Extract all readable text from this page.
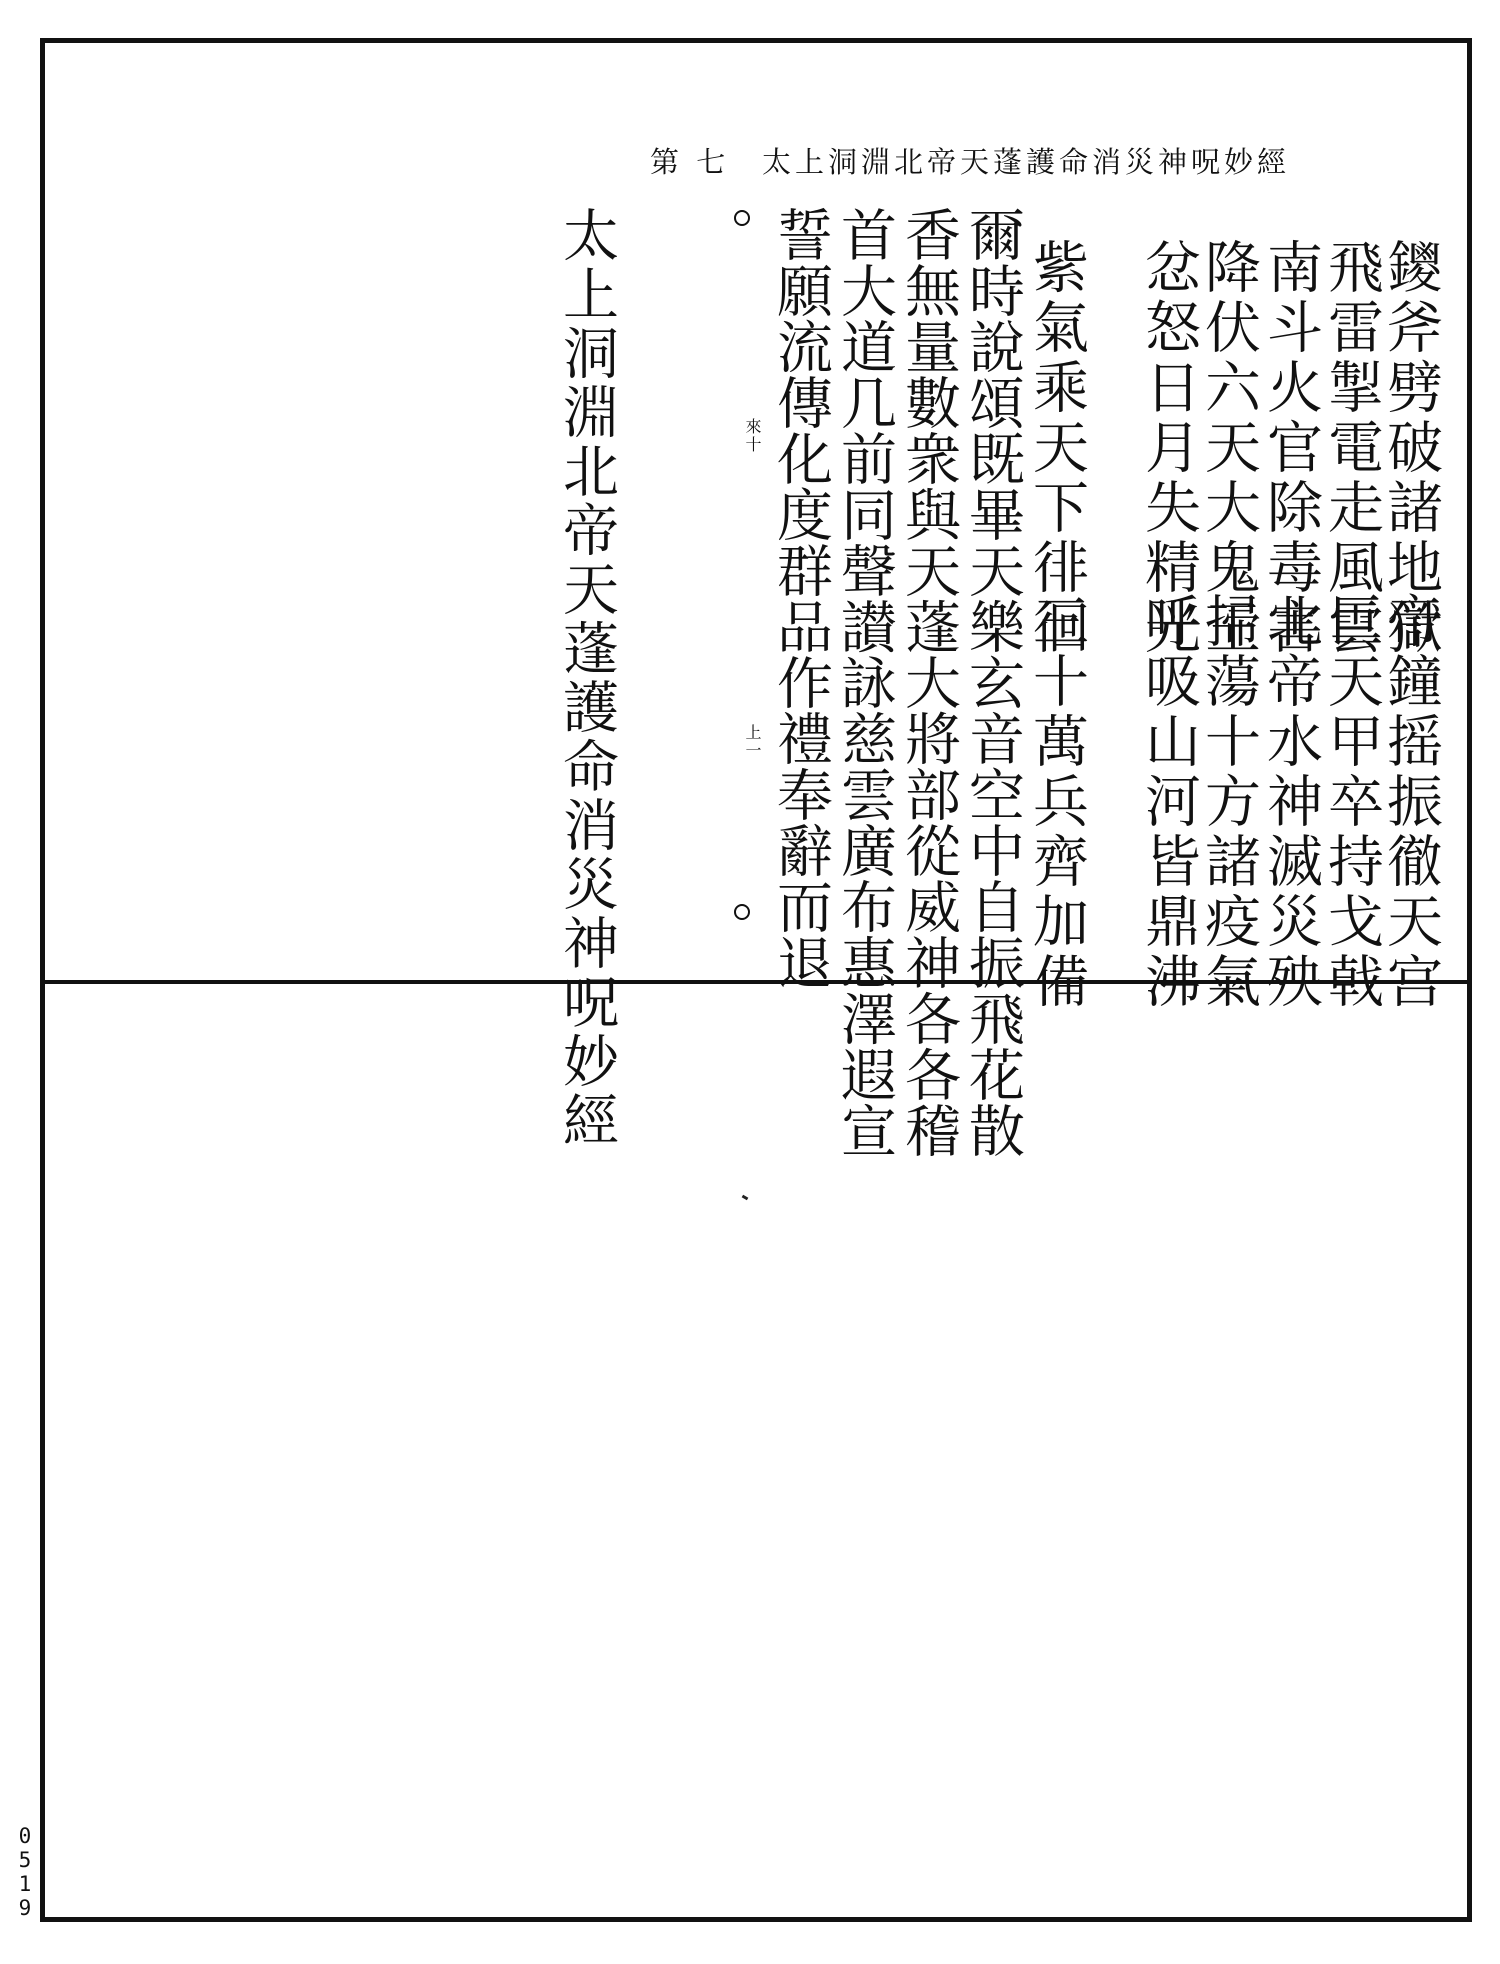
太上洞淵北帝天蓬護命消災神呪妙經
第 七
鑁斧劈破諸地獄
帝鐘摇振徹天宫
飛雷掣電走風雲
巨天甲卒持戈戟
南斗火官除毒害
北帝水神滅災殃
降伏六天大鬼王
掃蕩十方諸疫氣
忿怒日月失精光
呼吸山河皆鼎沸
紫氣乘天下徘徊
三十萬兵齊加備
爾時說頌既畢天樂玄音空中自振飛花散
香無量數衆與天蓬大將部從威神各各稽
首大道几前同聲讃詠慈雲廣布惠澤遐宣
誓願流傳化度群品作禮奉辭而退
來十
上一
太上洞淵北帝天蓬護命消災神呪妙經
0519
